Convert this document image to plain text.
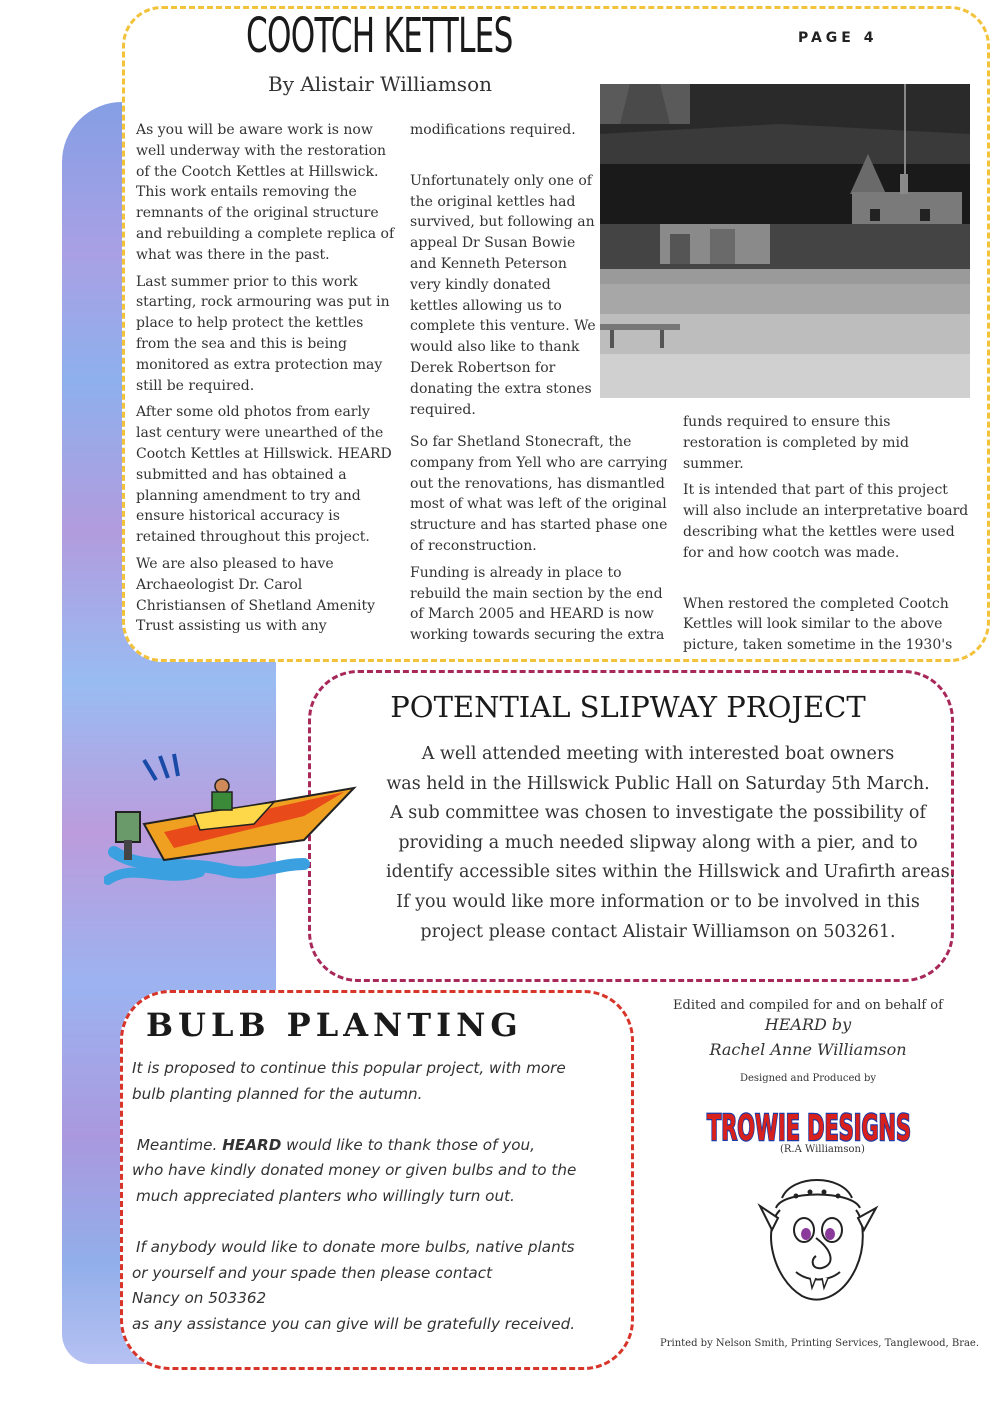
COOTCH KETTLES	PAGE 4
By Alistair Williamson

As you will be aware work is now well underway with the restoration of the Cootch Kettles at Hillswick. This work entails removing the remnants of the original structure and rebuilding a complete replica of what was there in the past.

Last summer prior to this work starting, rock armouring was put in place to help protect the kettles from the sea and this is being monitored as extra protection may still be required.

After some old photos from early last century were unearthed of the Cootch Kettles at Hillswick. HEARD submitted and has obtained a planning amendment to try and ensure historical accuracy is retained throughout this project.

We are also pleased to have Archaeologist Dr. Carol Christiansen of Shetland Amenity Trust assisting us with any

modifications required.

Unfortunately only one of the original kettles had survived, but following an appeal Dr Susan Bowie and Kenneth Peterson very kindly donated kettles allowing us to complete this venture. We would also like to thank Derek Robertson for donating the extra stones required.

So far Shetland Stonecraft, the company from Yell who are carrying out the renovations, has dismantled most of what was left of the original structure and has started phase one of reconstruction.

Funding is already in place to rebuild the main section by the end of March 2005 and HEARD is now working towards securing the extra

funds required to ensure this restoration is completed by mid summer.

It is intended that part of this project will also include an interpretative board describing what the kettles were used for and how cootch was made.

When restored the completed Cootch Kettles will look similar to the above picture, taken sometime in the 1930's

POTENTIAL SLIPWAY PROJECT
A well attended meeting with interested boat owners
was held in the Hillswick Public Hall on Saturday 5th March.
A sub committee was chosen to investigate the possibility of
providing a much needed slipway along with a pier, and to
identify accessible sites within the Hillswick and Urafirth areas.
If you would like more information or to be involved in this
project please contact Alistair Williamson on 503261.
BULB PLANTING
It is proposed to continue this popular project, with more
bulb planting planned for the autumn.
Meantime. HEARD would like to thank those of you,
who have kindly donated money or given bulbs and to the
much appreciated planters who willingly turn out.
If anybody would like to donate more bulbs, native plants
or yourself and your spade then please contact
Nancy on 503362
as any assistance you can give will be gratefully received.

Edited and compiled for and on behalf of

HEARD by

Rachel Anne Williamson

Designed and Produced by

TROWIE DESIGNS
(R.A Williamson)
Printed by Nelson Smith, Printing Services, Tanglewood, Brae.
